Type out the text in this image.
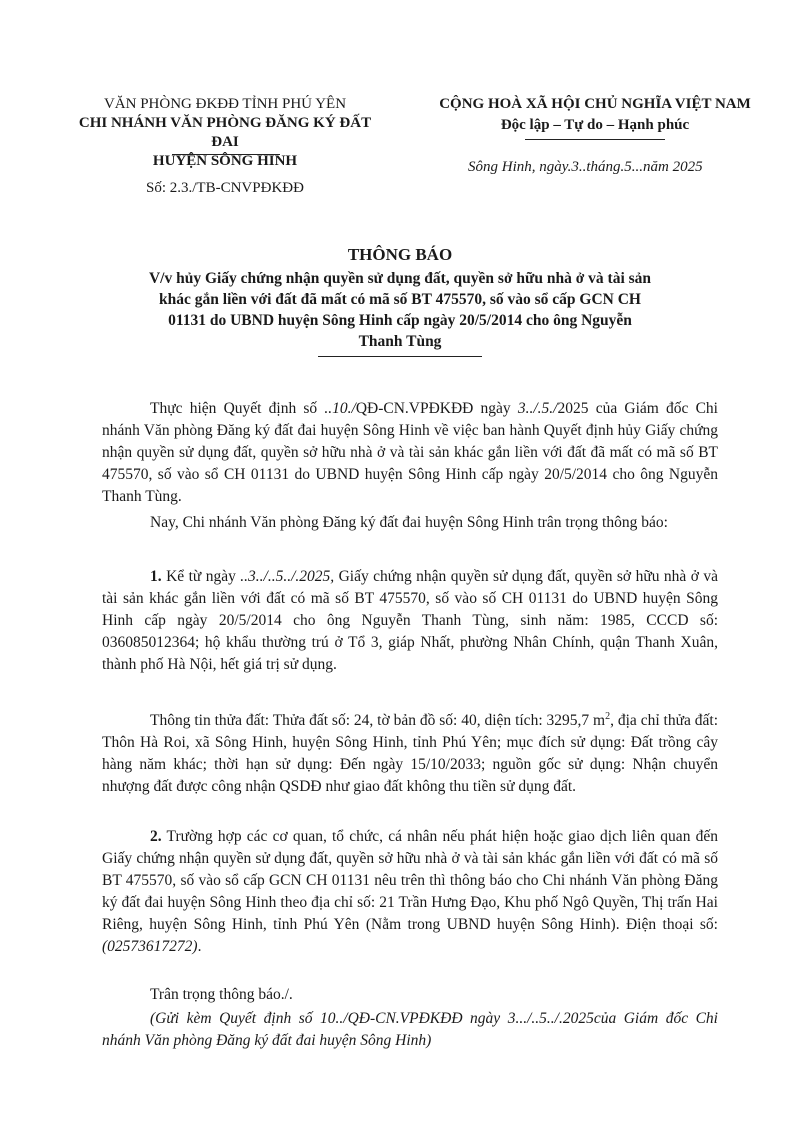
VĂN PHÒNG ĐKĐĐ TỈNH PHÚ YÊN
CHI NHÁNH VĂN PHÒNG ĐĂNG KÝ ĐẤT ĐAI
HUYỆN SÔNG HINH
Số: 2.3./TB-CNVPĐKĐĐ
CỘNG HOÀ XÃ HỘI CHỦ NGHĨA VIỆT NAM
Độc lập – Tự do – Hạnh phúc
Sông Hinh, ngày.3..tháng.5...năm 2025
THÔNG BÁO
V/v hủy Giấy chứng nhận quyền sử dụng đất, quyền sở hữu nhà ở và tài sản
khác gắn liền với đất đã mất có mã số BT 475570, số vào sổ cấp GCN CH
01131 do UBND huyện Sông Hinh cấp ngày 20/5/2014 cho ông Nguyễn
Thanh Tùng

Thực hiện Quyết định số ..10./QĐ-CN.VPĐKĐĐ ngày 3../.5./2025 của Giám đốc Chi nhánh Văn phòng Đăng ký đất đai huyện Sông Hinh về việc ban hành Quyết định hủy Giấy chứng nhận quyền sử dụng đất, quyền sở hữu nhà ở và tài sản khác gắn liền với đất đã mất có mã số BT 475570, số vào sổ CH 01131 do UBND huyện Sông Hinh cấp ngày 20/5/2014 cho ông Nguyễn Thanh Tùng.

Nay, Chi nhánh Văn phòng Đăng ký đất đai huyện Sông Hinh trân trọng thông báo:

1. Kể từ ngày ..3../..5../.2025, Giấy chứng nhận quyền sử dụng đất, quyền sở hữu nhà ở và tài sản khác gắn liền với đất có mã số BT 475570, số vào số CH 01131 do UBND huyện Sông Hinh cấp ngày 20/5/2014 cho ông Nguyễn Thanh Tùng, sinh năm: 1985, CCCD số: 036085012364; hộ khẩu thường trú ở Tổ 3, giáp Nhất, phường Nhân Chính, quận Thanh Xuân, thành phố Hà Nội, hết giá trị sử dụng.

Thông tin thửa đất: Thửa đất số: 24, tờ bản đồ số: 40, diện tích: 3295,7 $m^2$, địa chỉ thửa đất: Thôn Hà Roi, xã Sông Hinh, huyện Sông Hinh, tỉnh Phú Yên; mục đích sử dụng: Đất trồng cây hàng năm khác; thời hạn sử dụng: Đến ngày 15/10/2033; nguồn gốc sử dụng: Nhận chuyển nhượng đất được công nhận QSDĐ như giao đất không thu tiền sử dụng đất.

2. Trường hợp các cơ quan, tổ chức, cá nhân nếu phát hiện hoặc giao dịch liên quan đến Giấy chứng nhận quyền sử dụng đất, quyền sở hữu nhà ở và tài sản khác gắn liền với đất có mã số BT 475570, số vào sổ cấp GCN CH 01131 nêu trên thì thông báo cho Chi nhánh Văn phòng Đăng ký đất đai huyện Sông Hinh theo địa chỉ số: 21 Trần Hưng Đạo, Khu phố Ngô Quyền, Thị trấn Hai Riêng, huyện Sông Hinh, tỉnh Phú Yên (Nằm trong UBND huyện Sông Hinh). Điện thoại số: (02573617272).

Trân trọng thông báo./.

(Gửi kèm Quyết định số 10../QĐ-CN.VPĐKĐĐ ngày 3.../..5../.2025của Giám đốc Chi nhánh Văn phòng Đăng ký đất đai huyện Sông Hinh)
